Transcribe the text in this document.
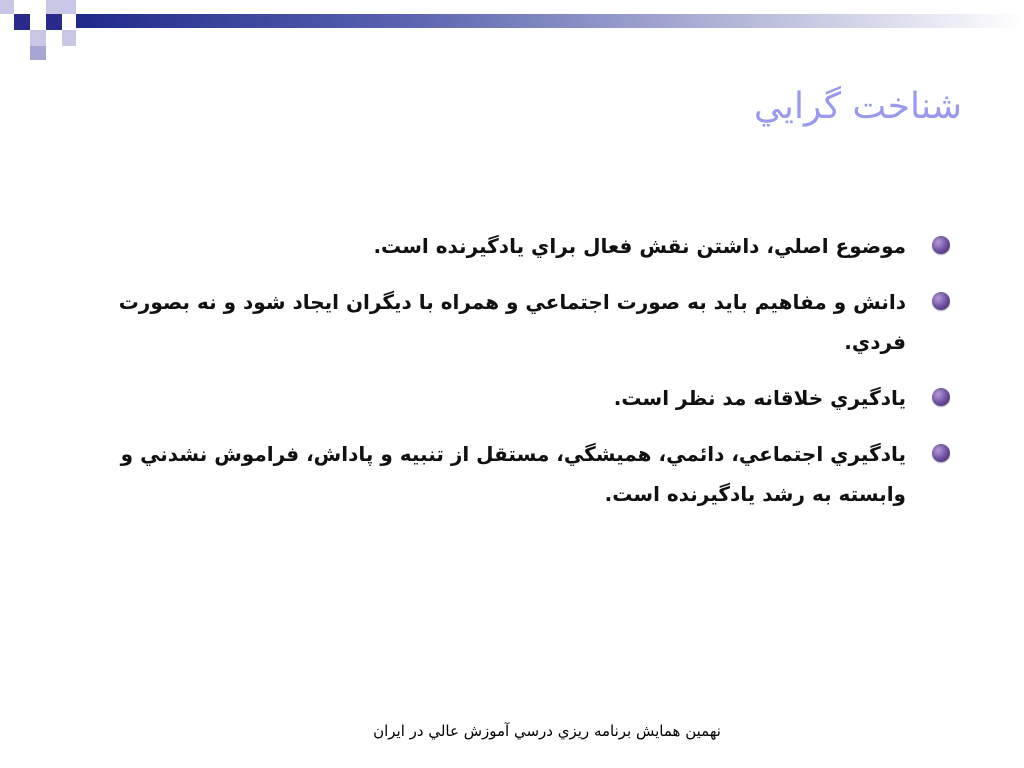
شناخت گرايي
موضوع اصلي، داشتن نقش فعال براي يادگيرنده است.
دانش و مفاهيم بايد به صورت اجتماعي و همراه با ديگران ايجاد شود و نه بصورت فردي.
يادگيري خلاقانه مد نظر است.
يادگيري اجتماعي، دائمي، هميشگي، مستقل از تنبيه و پاداش، فراموش نشدني و وابسته به رشد يادگيرنده است.
نهمين همايش برنامه ريزي درسي آموزش عالي در ايران
